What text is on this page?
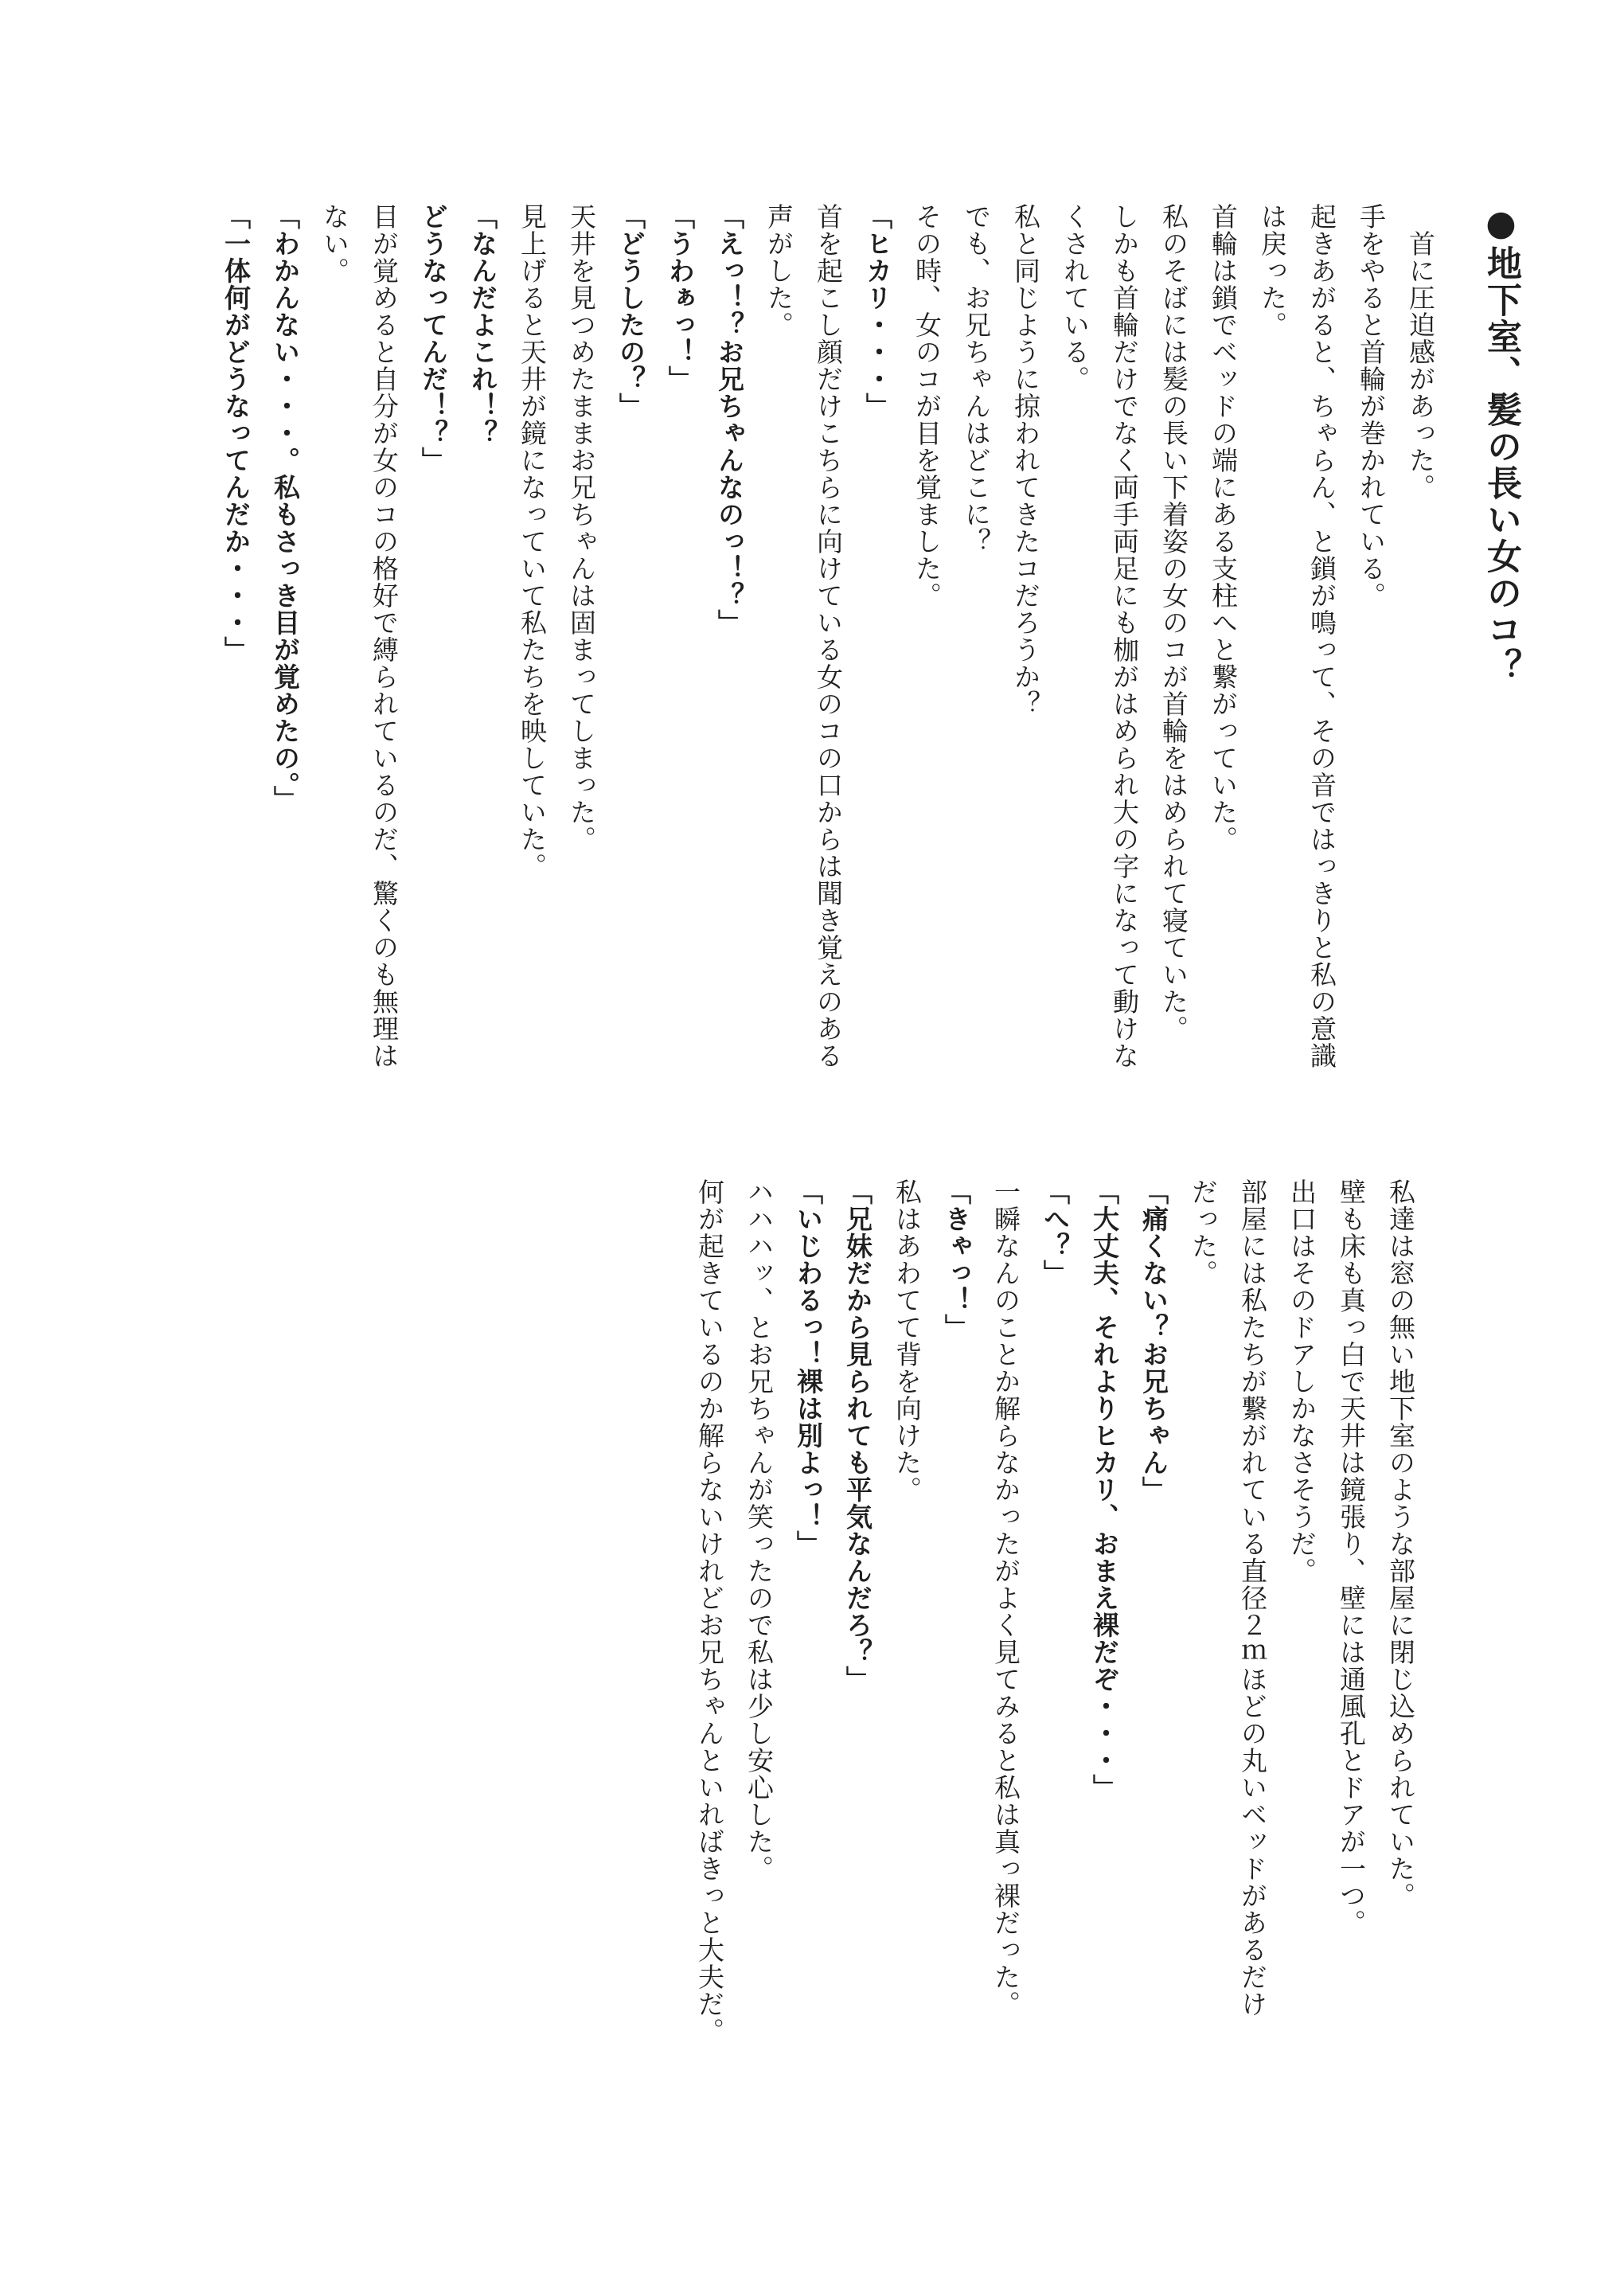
●地下室、髪の長い女のコ？
　首に圧迫感があった。
手をやると首輪が巻かれている。
起きあがると、ちゃらん、と鎖が鳴って、その音ではっきりと私の意識
は戻った。
首輪は鎖でベッドの端にある支柱へと繋がっていた。
私のそばには髪の長い下着姿の女のコが首輪をはめられて寝ていた。
しかも首輪だけでなく両手両足にも枷がはめられ大の字になって動けな
くされている。
私と同じように掠われてきたコだろうか？
でも、お兄ちゃんはどこに？
その時、女のコが目を覚ました。
「ヒカリ・・・」
首を起こし顔だけこちらに向けている女のコの口からは聞き覚えのある
声がした。
「えっ！？お兄ちゃんなのっ！？」
「うわぁっ！」
「どうしたの？」
天井を見つめたままお兄ちゃんは固まってしまった。
見上げると天井が鏡になっていて私たちを映していた。
「なんだよこれ！？
どうなってんだ！？」
目が覚めると自分が女のコの格好で縛られているのだ、驚くのも無理は
ない。
「わかんない・・・。私もさっき目が覚めたの。」
「一体何がどうなってんだか・・・」
私達は窓の無い地下室のような部屋に閉じ込められていた。
壁も床も真っ白で天井は鏡張り、壁には通風孔とドアが一つ。
出口はそのドアしかなさそうだ。
部屋には私たちが繋がれている直径２ｍほどの丸いベッドがあるだけ
だった。
「痛くない？お兄ちゃん」
「大丈夫、それよりヒカリ、おまえ裸だぞ・・・」
「へ？」
一瞬なんのことか解らなかったがよく見てみると私は真っ裸だった。
「きゃっ！」
私はあわてて背を向けた。
「兄妹だから見られても平気なんだろ？」
「いじわるっ！裸は別よっ！」
ハハハッ、とお兄ちゃんが笑ったので私は少し安心した。
何が起きているのか解らないけれどお兄ちゃんといればきっと大夫だ。
